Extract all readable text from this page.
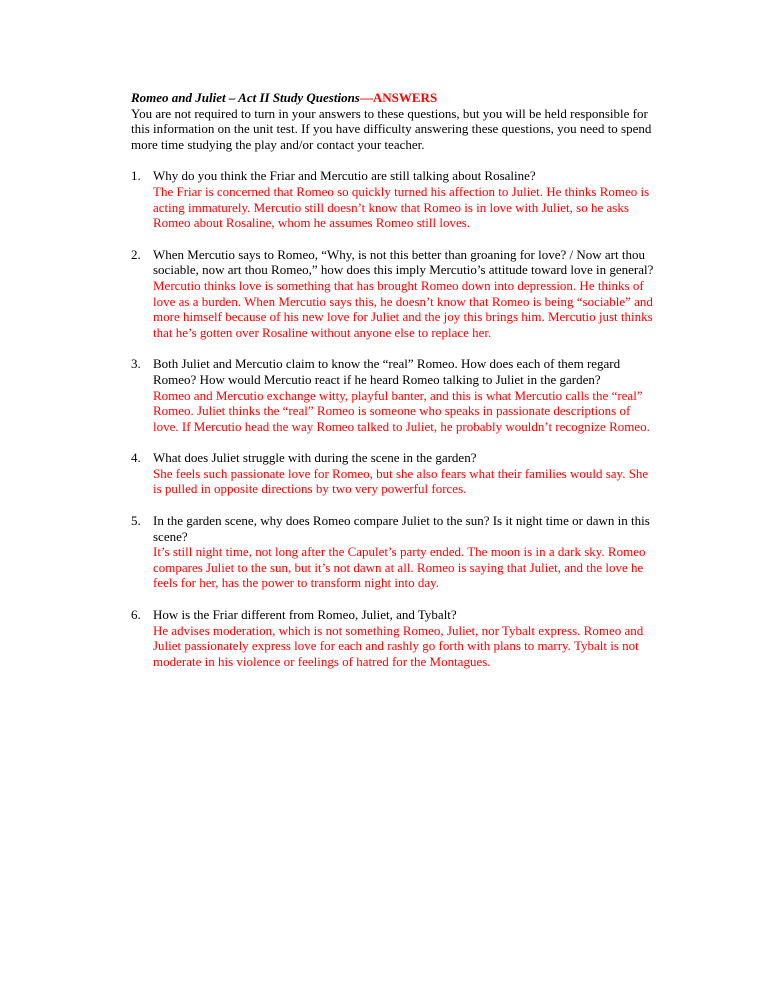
Romeo and Juliet – Act II Study Questions—ANSWERS
You are not required to turn in your answers to these questions, but you will be held responsible for this information on the unit test. If you have difficulty answering these questions, you need to spend more time studying the play and/or contact your teacher.
1. Why do you think the Friar and Mercutio are still talking about Rosaline?
The Friar is concerned that Romeo so quickly turned his affection to Juliet. He thinks Romeo is acting immaturely. Mercutio still doesn’t know that Romeo is in love with Juliet, so he asks Romeo about Rosaline, whom he assumes Romeo still loves.
2. When Mercutio says to Romeo, “Why, is not this better than groaning for love? / Now art thou sociable, now art thou Romeo,” how does this imply Mercutio’s attitude toward love in general?
Mercutio thinks love is something that has brought Romeo down into depression. He thinks of love as a burden. When Mercutio says this, he doesn’t know that Romeo is being “sociable” and more himself because of his new love for Juliet and the joy this brings him. Mercutio just thinks that he’s gotten over Rosaline without anyone else to replace her.
3. Both Juliet and Mercutio claim to know the “real” Romeo. How does each of them regard Romeo? How would Mercutio react if he heard Romeo talking to Juliet in the garden?
Romeo and Mercutio exchange witty, playful banter, and this is what Mercutio calls the “real” Romeo. Juliet thinks the “real” Romeo is someone who speaks in passionate descriptions of love. If Mercutio head the way Romeo talked to Juliet, he probably wouldn’t recognize Romeo.
4. What does Juliet struggle with during the scene in the garden?
She feels such passionate love for Romeo, but she also fears what their families would say. She is pulled in opposite directions by two very powerful forces.
5. In the garden scene, why does Romeo compare Juliet to the sun? Is it night time or dawn in this scene?
It’s still night time, not long after the Capulet’s party ended. The moon is in a dark sky. Romeo compares Juliet to the sun, but it’s not dawn at all. Romeo is saying that Juliet, and the love he feels for her, has the power to transform night into day.
6. How is the Friar different from Romeo, Juliet, and Tybalt?
He advises moderation, which is not something Romeo, Juliet, nor Tybalt express. Romeo and Juliet passionately express love for each and rashly go forth with plans to marry. Tybalt is not moderate in his violence or feelings of hatred for the Montagues.
